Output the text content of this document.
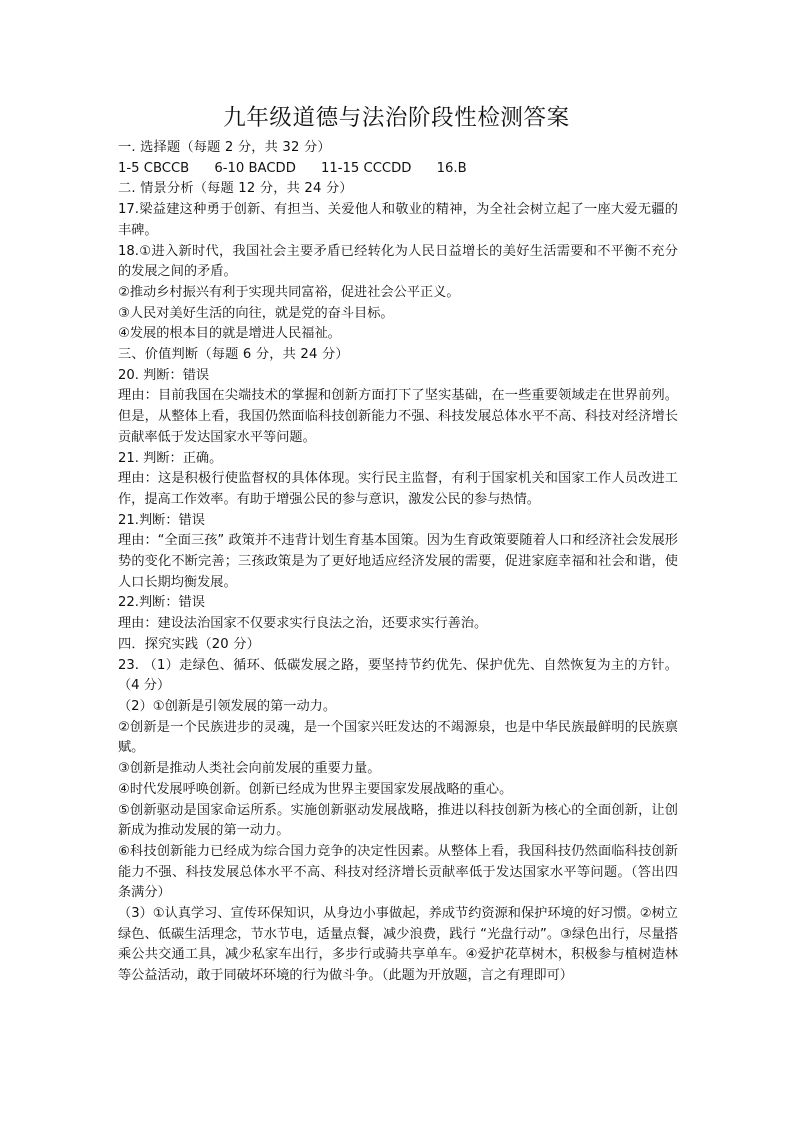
九年级道德与法治阶段性检测答案

一. 选择题（每题 2 分，共 32 分）

1-5 CBCCB      6-10 BACDD      11-15 CCCDD      16.B

二. 情景分析（每题 12 分，共 24 分）

17.梁益建这种勇于创新、有担当、关爱他人和敬业的精神，为全社会树立起了一座大爱无疆的丰碑。

18.①进入新时代，我国社会主要矛盾已经转化为人民日益增长的美好生活需要和不平衡不充分的发展之间的矛盾。

②推动乡村振兴有利于实现共同富裕，促进社会公平正义。

③人民对美好生活的向往，就是党的奋斗目标。

④发展的根本目的就是增进人民福祉。

三、价值判断（每题 6 分，共 24 分）

20. 判断：错误

理由：目前我国在尖端技术的掌握和创新方面打下了坚实基础，在一些重要领域走在世界前列。但是，从整体上看，我国仍然面临科技创新能力不强、科技发展总体水平不高、科技对经济增长贡献率低于发达国家水平等问题。

21. 判断：正确。

理由：这是积极行使监督权的具体体现。实行民主监督，有利于国家机关和国家工作人员改进工作，提高工作效率。有助于增强公民的参与意识，激发公民的参与热情。

21.判断：错误

理由：“全面三孩” 政策并不违背计划生育基本国策。因为生育政策要随着人口和经济社会发展形势的变化不断完善；三孩政策是为了更好地适应经济发展的需要，促进家庭幸福和社会和谐，使人口长期均衡发展。

22.判断：错误

理由：建设法治国家不仅要求实行良法之治，还要求实行善治。

四．探究实践（20 分）

23. （1）走绿色、循环、低碳发展之路，要坚持节约优先、保护优先、自然恢复为主的方针。（4 分）

（2）①创新是引领发展的第一动力。

②创新是一个民族进步的灵魂，是一个国家兴旺发达的不竭源泉，也是中华民族最鲜明的民族禀赋。

③创新是推动人类社会向前发展的重要力量。

④时代发展呼唤创新。创新已经成为世界主要国家发展战略的重心。

⑤创新驱动是国家命运所系。实施创新驱动发展战略，推进以科技创新为核心的全面创新，让创新成为推动发展的第一动力。

⑥科技创新能力已经成为综合国力竞争的决定性因素。从整体上看，我国科技仍然面临科技创新能力不强、科技发展总体水平不高、科技对经济增长贡献率低于发达国家水平等问题。（答出四条满分）

（3）①认真学习、宣传环保知识，从身边小事做起，养成节约资源和保护环境的好习惯。②树立绿色、低碳生活理念，节水节电，适量点餐，减少浪费，践行 “光盘行动”。③绿色出行，尽量搭乘公共交通工具，减少私家车出行，多步行或骑共享单车。④爱护花草树木，积极参与植树造林等公益活动，敢于同破坏环境的行为做斗争。（此题为开放题，言之有理即可）
